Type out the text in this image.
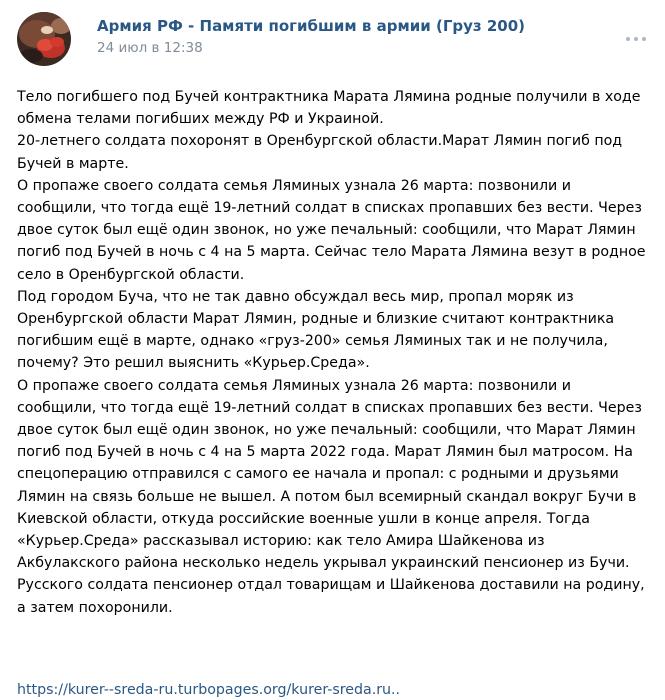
Армия РФ - Памяти погибшим в армии (Груз 200)
24 июл в 12:38

Тело погибшего под Бучей контрактника Марата Лямина родные получили в ходе

обмена телами погибших между РФ и Украиной.

20-летнего солдата похоронят в Оренбургской области.Марат Лямин погиб под

Бучей в марте.

О пропаже своего солдата семья Ляминых узнала 26 марта: позвонили и

сообщили, что тогда ещё 19-летний солдат в списках пропавших без вести. Через

двое суток был ещё один звонок, но уже печальный: сообщили, что Марат Лямин

погиб под Бучей в ночь с 4 на 5 марта. Сейчас тело Марата Лямина везут в родное

село в Оренбургской области.

Под городом Буча, что не так давно обсуждал весь мир, пропал моряк из

Оренбургской области Марат Лямин, родные и близкие считают контрактника

погибшим ещё в марте, однако «груз-200» семья Ляминых так и не получила,

почему? Это решил выяснить «Курьер.Среда».

О пропаже своего солдата семья Ляминых узнала 26 марта: позвонили и

сообщили, что тогда ещё 19-летний солдат в списках пропавших без вести. Через

двое суток был ещё один звонок, но уже печальный: сообщили, что Марат Лямин

погиб под Бучей в ночь с 4 на 5 марта 2022 года. Марат Лямин был матросом. На

спецоперацию отправился с самого ее начала и пропал: с родными и друзьями

Лямин на связь больше не вышел. А потом был всемирный скандал вокруг Бучи в

Киевской области, откуда российские военные ушли в конце апреля. Тогда

«Курьер.Среда» рассказывал историю: как тело Амира Шайкенова из

Акбулакского района несколько недель укрывал украинский пенсионер из Бучи.

Русского солдата пенсионер отдал товарищам и Шайкенова доставили на родину,

а затем похоронили.

https://kurer--sreda-ru.turbopages.org/kurer-sreda.ru..
